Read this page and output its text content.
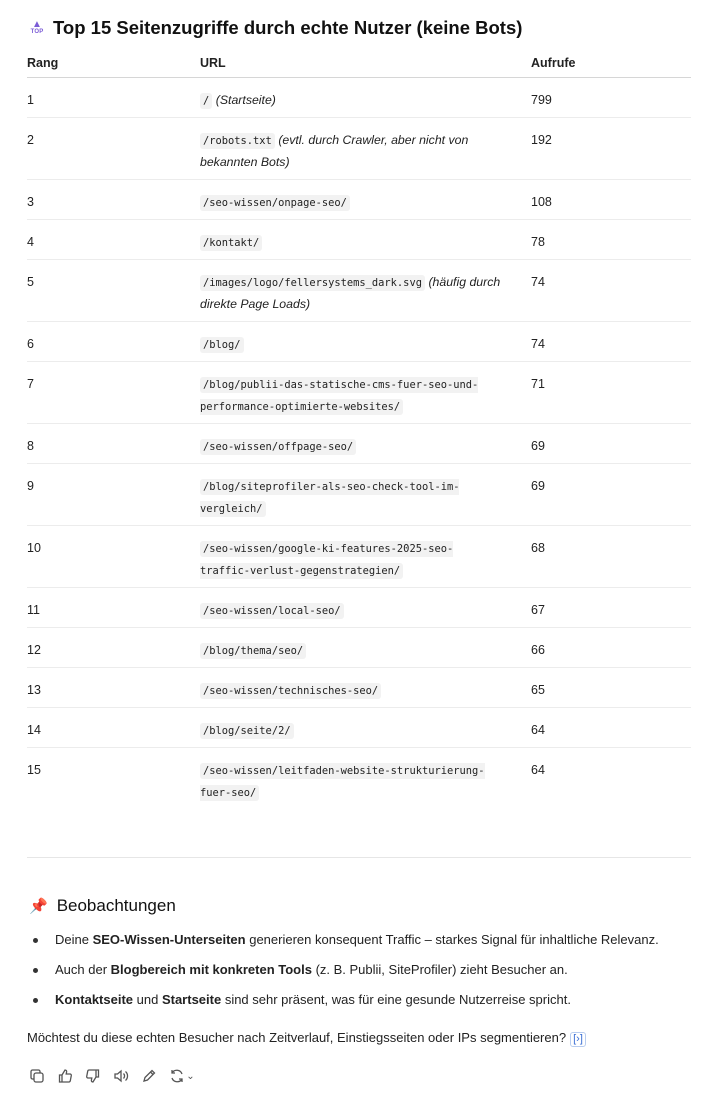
▲
TOP Top 15 Seitenzugriffe durch echte Nutzer (keine Bots)
Rang	URL	Aufrufe
1	/ (Startseite)	799
2	/robots.txt (evtl. durch Crawler, aber nicht von bekannten Bots)	192
3	/seo-wissen/onpage-seo/	108
4	/kontakt/	78
5	/images/logo/fellersystems_dark.svg (häufig durch direkte Page Loads)	74
6	/blog/	74
7	/blog/publii-das-statische-cms-fuer-seo-und-performance-optimierte-websites/	71
8	/seo-wissen/offpage-seo/	69
9	/blog/siteprofiler-als-seo-check-tool-im-vergleich/	69
10	/seo-wissen/google-ki-features-2025-seo-traffic-verlust-gegenstrategien/	68
11	/seo-wissen/local-seo/	67
12	/blog/thema/seo/	66
13	/seo-wissen/technisches-seo/	65
14	/blog/seite/2/	64
15	/seo-wissen/leitfaden-website-strukturierung-fuer-seo/	64
📌 Beobachtungen
Deine SEO-Wissen-Unterseiten generieren konsequent Traffic – starkes Signal für inhaltliche Relevanz.
Auch der Blogbereich mit konkreten Tools (z. B. Publii, SiteProfiler) zieht Besucher an.
Kontaktseite und Startseite sind sehr präsent, was für eine gesunde Nutzerreise spricht.
Möchtest du diese echten Besucher nach Zeitverlauf, Einstiegsseiten oder IPs segmentieren? [›]
⌄
